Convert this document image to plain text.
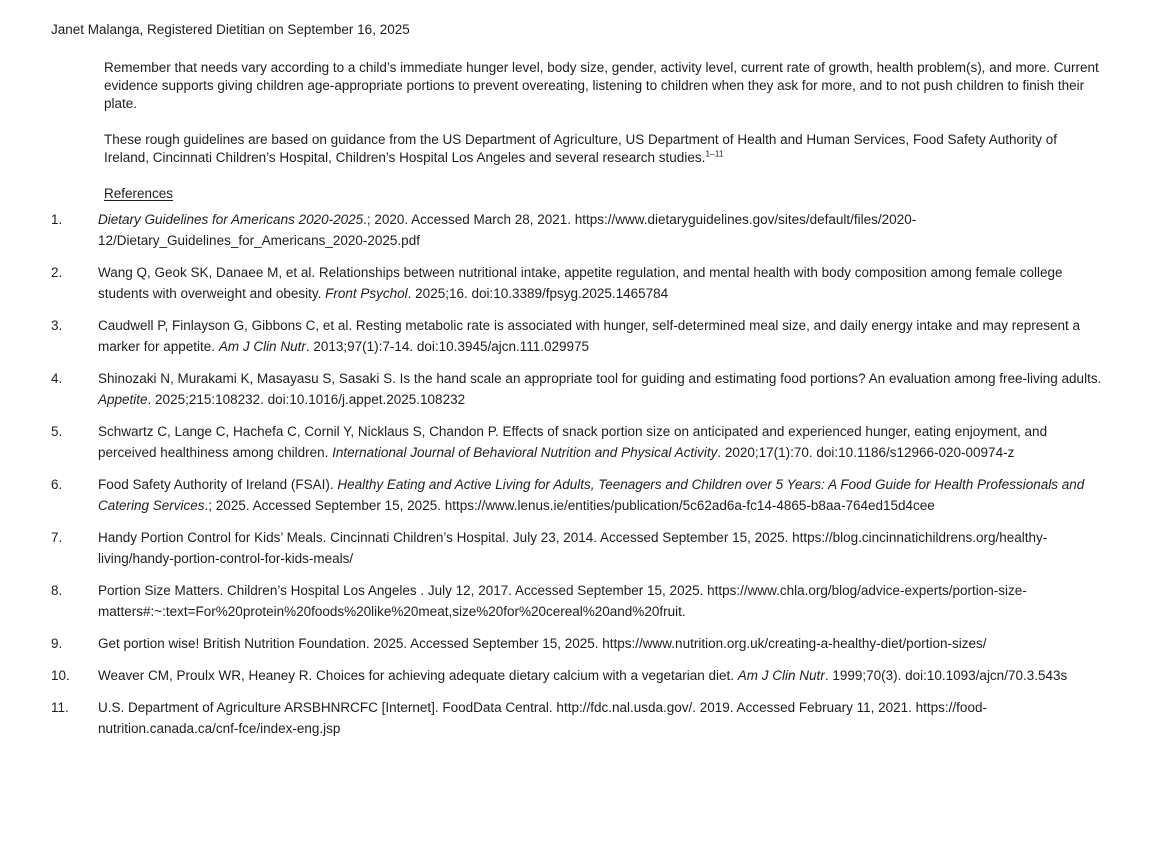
Janet Malanga, Registered Dietitian on September 16, 2025

Remember that needs vary according to a child’s immediate hunger level, body size, gender, activity level, current rate of growth, health problem(s), and more. Current evidence supports giving children age-appropriate portions to prevent overeating, listening to children when they ask for more, and to not push children to finish their plate.

These rough guidelines are based on guidance from the US Department of Agriculture, US Department of Health and Human Services, Food Safety Authority of Ireland, Cincinnati Children’s Hospital, Children’s Hospital Los Angeles and several research studies.$^{1-11}$

References
1.	Dietary Guidelines for Americans 2020-2025.; 2020. Accessed March 28, 2021. https://www.dietaryguidelines.gov/sites/default/files/2020-12/Dietary_Guidelines_for_Americans_2020-2025.pdf
2.	Wang Q, Geok SK, Danaee M, et al. Relationships between nutritional intake, appetite regulation, and mental health with body composition among female college students with overweight and obesity. Front Psychol. 2025;16. doi:10.3389/fpsyg.2025.1465784
3.	Caudwell P, Finlayson G, Gibbons C, et al. Resting metabolic rate is associated with hunger, self-determined meal size, and daily energy intake and may represent a marker for appetite. Am J Clin Nutr. 2013;97(1):7-14. doi:10.3945/ajcn.111.029975
4.	Shinozaki N, Murakami K, Masayasu S, Sasaki S. Is the hand scale an appropriate tool for guiding and estimating food portions? An evaluation among free-living adults. Appetite. 2025;215:108232. doi:10.1016/j.appet.2025.108232
5.	Schwartz C, Lange C, Hachefa C, Cornil Y, Nicklaus S, Chandon P. Effects of snack portion size on anticipated and experienced hunger, eating enjoyment, and perceived healthiness among children. International Journal of Behavioral Nutrition and Physical Activity. 2020;17(1):70. doi:10.1186/s12966-020-00974-z
6.	Food Safety Authority of Ireland (FSAI). Healthy Eating and Active Living for Adults, Teenagers and Children over 5 Years: A Food Guide for Health Professionals and Catering Services.; 2025. Accessed September 15, 2025. https://www.lenus.ie/entities/publication/5c62ad6a-fc14-4865-b8aa-764ed15d4cee
7.	Handy Portion Control for Kids’ Meals. Cincinnati Children’s Hospital. July 23, 2014. Accessed September 15, 2025. https://blog.cincinnatichildrens.org/healthy-living/handy-portion-control-for-kids-meals/
8.	Portion Size Matters. Children’s Hospital Los Angeles . July 12, 2017. Accessed September 15, 2025. https://www.chla.org/blog/advice-experts/portion-size-matters#:~:text=For%20protein%20foods%20like%20meat,size%20for%20cereal%20and%20fruit.
9.	Get portion wise! British Nutrition Foundation. 2025. Accessed September 15, 2025. https://www.nutrition.org.uk/creating-a-healthy-diet/portion-sizes/
10.	Weaver CM, Proulx WR, Heaney R. Choices for achieving adequate dietary calcium with a vegetarian diet. Am J Clin Nutr. 1999;70(3). doi:10.1093/ajcn/70.3.543s
11.	U.S. Department of Agriculture ARSBHNRCFC [Internet]. FoodData Central. http://fdc.nal.usda.gov/. 2019. Accessed February 11, 2021. https://food-nutrition.canada.ca/cnf-fce/index-eng.jsp
